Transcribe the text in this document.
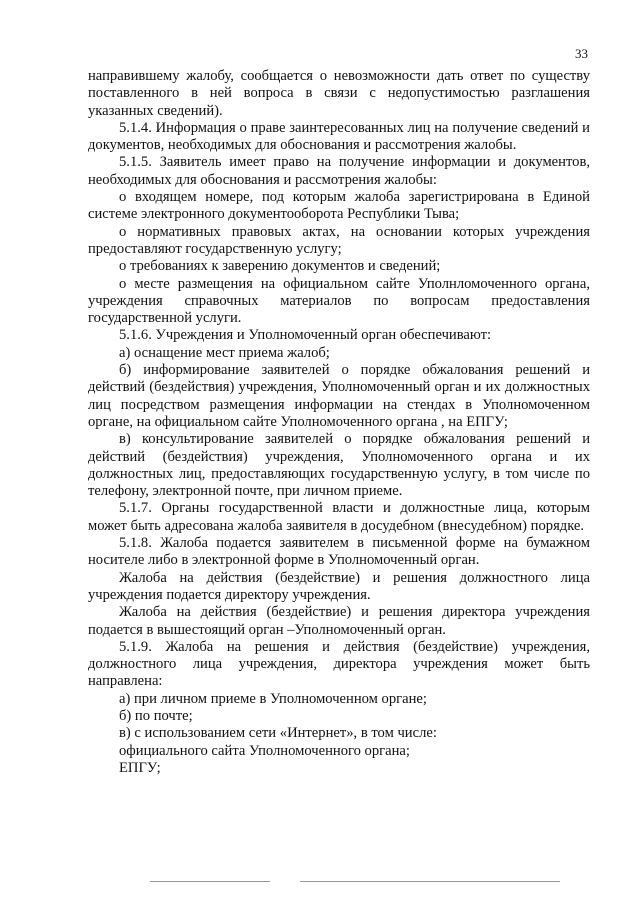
33

направившему жалобу, сообщается о невозможности дать ответ по существу поставленного в ней вопроса в связи с недопустимостью разглашения указанных сведений).

5.1.4. Информация о праве заинтересованных лиц на получение сведений и документов, необходимых для обоснования и рассмотрения жалобы.

5.1.5. Заявитель имеет право на получение информации и документов, необходимых для обоснования и рассмотрения жалобы:

о входящем номере, под которым жалоба зарегистрирована в Единой системе электронного документооборота Республики Тыва;

о нормативных правовых актах, на основании которых учреждения предоставляют государственную услугу;

о требованиях к заверению документов и сведений;

о месте размещения на официальном сайте Уполнломоченного органа, учреждения справочных материалов по вопросам предоставления государственной услуги.

5.1.6. Учреждения и Уполномоченный орган обеспечивают:

а) оснащение мест приема жалоб;

б) информирование заявителей о порядке обжалования решений и действий (бездействия) учреждения, Уполномоченный орган и их должностных лиц посредством размещения информации на стендах в Уполномоченном органе, на официальном сайте Уполномоченного органа , на ЕПГУ;

в) консультирование заявителей о порядке обжалования решений и действий (бездействия) учреждения, Уполномоченного органа и их должностных лиц, предоставляющих государственную услугу, в том числе по телефону, электронной почте, при личном приеме.

5.1.7. Органы государственной власти и должностные лица, которым может быть адресована жалоба заявителя в досудебном (внесудебном) порядке.

5.1.8. Жалоба подается заявителем в письменной форме на бумажном носителе либо в электронной форме в Уполномоченный орган.

Жалоба на действия (бездействие) и решения должностного лица учреждения подается директору учреждения.

Жалоба на действия (бездействие) и решения директора учреждения подается в вышестоящий орган –Уполномоченный орган.

5.1.9. Жалоба на решения и действия (бездействие) учреждения, должностного лица учреждения, директора учреждения может быть направлена:

а) при личном приеме в Уполномоченном органе;

б) по почте;

в) с использованием сети «Интернет», в том числе:

официального сайта Уполномоченного органа;

ЕПГУ;
